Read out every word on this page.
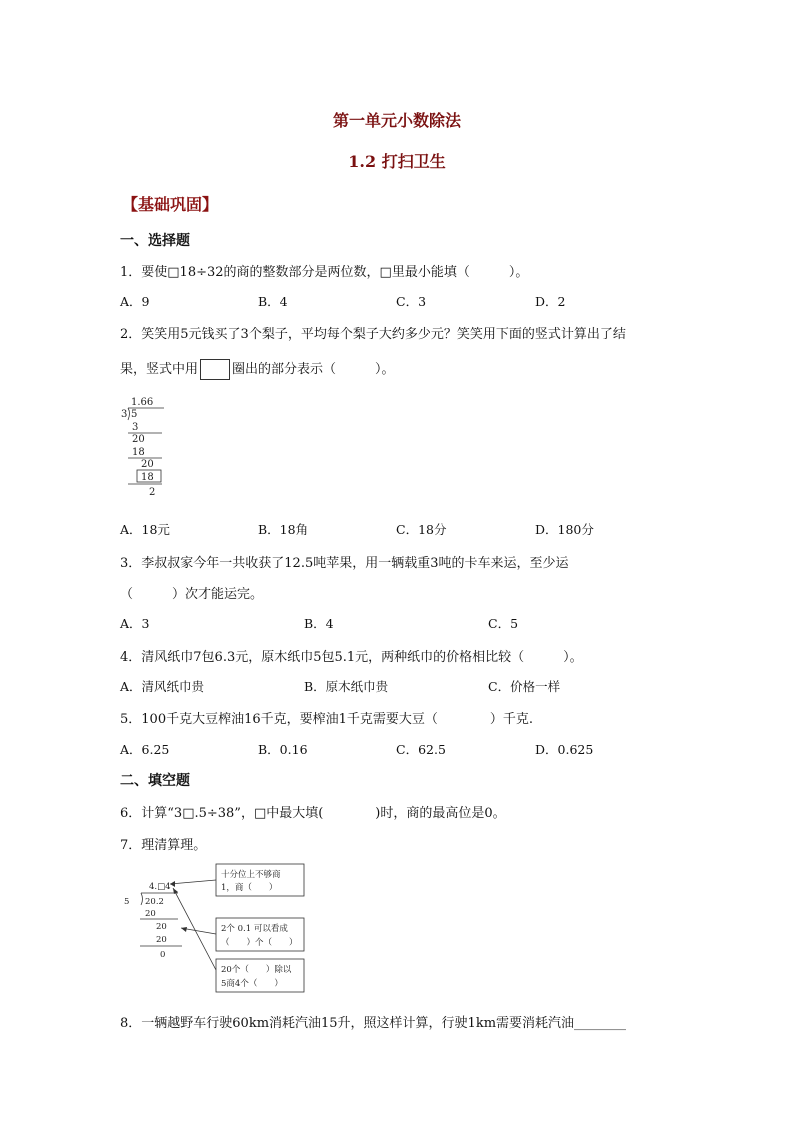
第一单元小数除法
1.2 打扫卫生
【基础巩固】
一、选择题
1．要使□18÷32的商的整数部分是两位数，□里最小能填（　　　）。
A．9	B．4	C．3	D．2
2．笑笑用5元钱买了3个梨子，平均每个梨子大约多少元？笑笑用下面的竖式计算出了结
果，竖式中用	圈出的部分表示（　　　）。
1.66
3 5
3
20
18
20
18
2
A．18元	B．18角	C．18分	D．180分
3．李叔叔家今年一共收获了12.5吨苹果，用一辆载重3吨的卡车来运，至少运
（　　　）次才能运完。
A．3	B．4	C．5
4．清风纸巾7包6.3元，原木纸巾5包5.1元，两种纸巾的价格相比较（　　　）。
A．清风纸巾贵	B．原木纸巾贵	C．价格一样
5．100千克大豆榨油16千克，要榨油1千克需要大豆（　　　　）千克.
A．6.25	B．0.16	C．62.5	D．0.625
二、填空题
6．计算“3□.5÷38”，□中最大填(　　　　)时，商的最高位是0。
7．理清算理。
4.□4
5 20.2
20
20
20
0
十分位上不够商
1，商（　　）
2个 0.1 可以看成
（　　）个（　　）
20个（　　）除以
5商4个（　　）
8．一辆越野车行驶60km消耗汽油15升，照这样计算，行驶1km需要消耗汽油________
